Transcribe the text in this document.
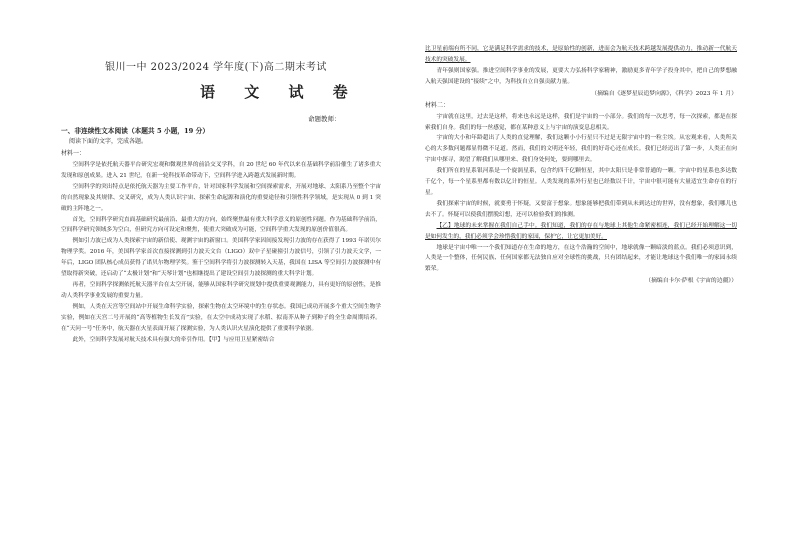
银川一中 2023/2024 学年度(下)高二期末考试
语 文 试 卷
命题教师：
一、非连续性文本阅读（本题共 5 小题，19 分）

阅读下面的文字，完成各题。

材料一：

空间科学是依托航天器平台研究宏观和微观世界的前沿交叉学科，自 20 世纪 60 年代以来在基础科学前沿催生了诸多重大发现和原创成果。进入 21 世纪，在新一轮科技革命带动下，空间科学进入跨越式发展新时期。

空间科学的突出特点是依托航天器为主要工作平台，针对国家科学发展和空间探索需求，开展对地球、太阳系乃至整个宇宙的自然现象及其规律、交叉研究，成为人类认识宇宙、探索生命起源和演化的重要途径和引领性科学领域，是实现从 0 到 1 突破的主阵地之一。

首先，空间科学研究直面基础研究最前沿、最重大的方向，始终聚焦最有重大科学意义的原创性问题。作为基础科学前沿，空间科学研究领域多为空白，但研究方向可设定和聚焦，使重大突破成为可能，空间科学重大发现的原创价值很高。

例如引力波已成为人类探索宇宙的新信使、观测宇宙的新窗口。美国科学家因间接发现引力波的存在获得了 1993 年诺贝尔物理学奖。2016 年，美国科学家首次直接探测到引力波天文台（LIGO）双中子星碰撞引力波信号，引领了引力波天文学，一年后，LIGO 团队核心成员获得了诺贝尔物理学奖。鉴于空间科学将引力波探测转入天基，我国在 LISA 等空间引力波探测中有望取得新突破，还启动了“太极计划”和“天琴计划”也相继提出了建设空间引力波探测的重大科学计划。

再者，空间科学探测依托航天器平台在太空开展，能够从国家科学研究规划中提供重要观测能力，具有更好的原创性，是推动人类科学事业发展的重要力量。

例如，人类在天宫等空间站中开展生命科学实验，探索生物在太空环境中的生存状态。我国已成功开展多个重大空间生物学实验，例如在天宫二号开展的“高等植物生长发育”实验，在太空中成功实现了水稻、拟南芥从种子到种子的全生命周期培养。在“天问一号”任务中，航天器在火星表面开展了探测实验，为人类认识火星演化提供了重要科学依据。

此外，空间科学发展对航天技术具有强大的牵引作用。【甲】与应用卫星紧密结合

比卫星前端有所不同，它是满足科学需求的技术，是原始性的创新，进而会为航天技术跨越发展提供动力，推动新一代航天技术的突破发展。

青年强则国家强。推进空间科学事业的发展，更要大力弘扬科学家精神，激励更多青年学子投身其中，把自己的梦想融入航天强国建设的“接续”之中，为科技自立自强贡献力量。

（摘编自《逐梦星辰追梦向源》，《科学》2023 年 1 月）

材料二：

宇宙就在这里，过去是这样，将来也永远是这样，我们是宇宙的一小部分。我们的每一次思考，每一次探索，都是在探索我们自身。我们的每一丝感觉，都在某种意义上与宇宙的演变息息相关。

宇宙的大小和年龄超出了人类的直觉理解，我们这颗小小行星只不过是无限宇宙中的一粒尘埃。从宏观来看，人类所关心的大多数问题都显得微不足道。然而，我们的文明还年轻，我们的好奇心还在成长。我们已经迈出了第一步，人类正在向宇宙中探寻，渴望了解我们从哪里来、我们身处何处，要到哪里去。

我们所在的星系银河系是一个旋涡星系，包含约四千亿颗恒星，其中太阳只是非常普通的一颗。宇宙中的星系也多达数千亿个，每一个星系里都有数以亿计的恒星。人类发现的系外行星也已经数以千计，宇宙中很可能有大量适宜生命存在的行星。

我们探索宇宙的时候，就要勇于怀疑，又要富于想象。想象能够把我们带到从未到达过的世界，没有想象，我们哪儿也去不了。怀疑可以使我们摆脱幻想，还可以检验我们的推测。

【乙】地球的未来掌握在我们自己手中。我们知道，我们的存在与地球上其他生命紧密相连，我们已经开始理解这一切是如何发生的，我们必须学会珍惜我们的家园，保护它，让它更加美好。

地球是宇宙中唯一一个我们知道存在生命的地方，在这个浩瀚的空间中，地球就像一颗暗淡的蓝点。我们必须意识到，人类是一个整体，任何民族、任何国家都无法独自应对全球性的挑战，只有团结起来，才能让地球这个我们唯一的家园永续繁荣。

（摘编自卡尔·萨根《宇宙的边疆》）
